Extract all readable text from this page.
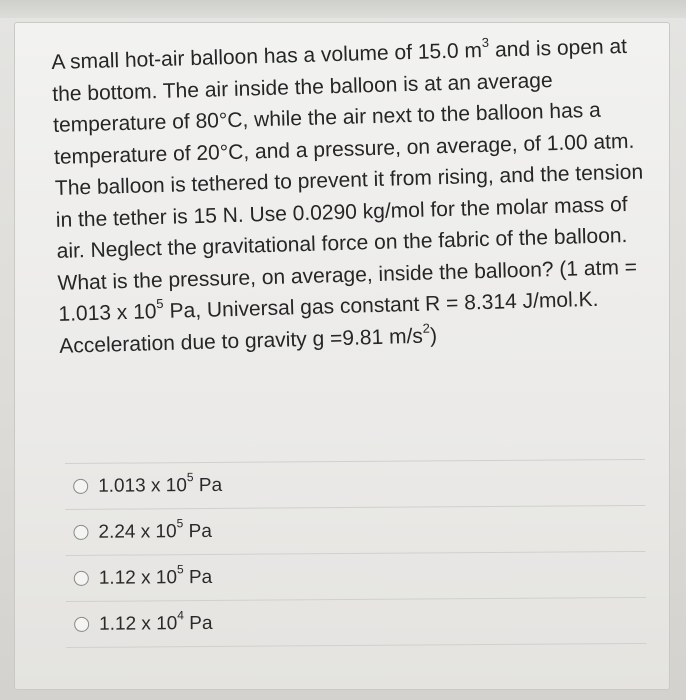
A small hot-air balloon has a volume of 15.0 $m^3$ and is open at the bottom. The air inside the balloon is at an average temperature of 80°C, while the air next to the balloon has a temperature of 20°C, and a pressure, on average, of 1.00 atm. The balloon is tethered to prevent it from rising, and the tension in the tether is 15 N. Use 0.0290 kg/mol for the molar mass of air. Neglect the gravitational force on the fabric of the balloon. What is the pressure, on average, inside the balloon? (1 atm = 1.013 x $10^5$ Pa, Universal gas constant R = 8.314 J/mol.K. Acceleration due to gravity g =9.81 $m/s^2$)

1.013 x $10^5$ Pa
2.24 x $10^5$ Pa
1.12 x $10^5$ Pa
1.12 x $10^4$ Pa
